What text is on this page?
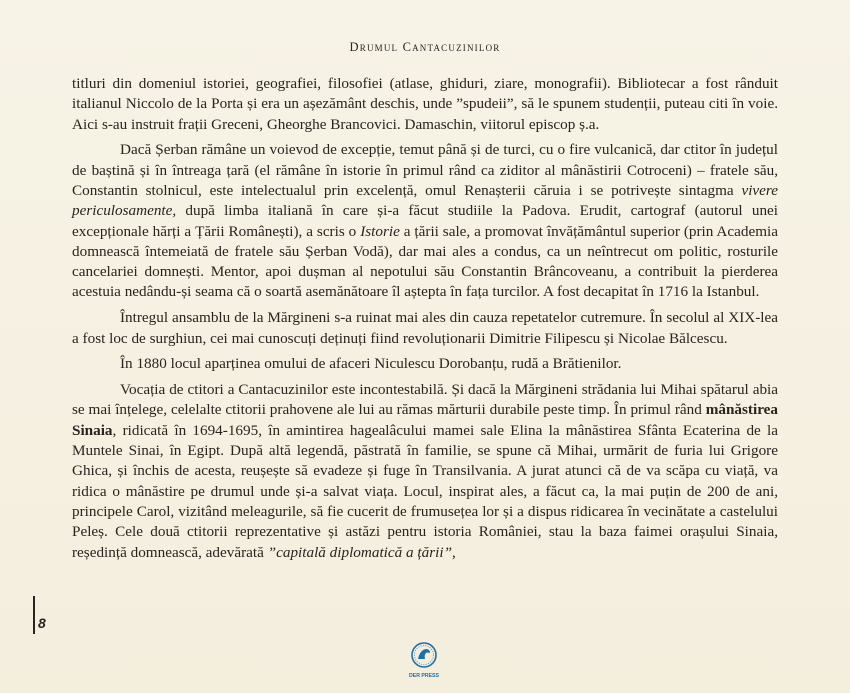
Drumul Cantacuzinilor

titluri din domeniul istoriei, geografiei, filosofiei (atlase, ghiduri, ziare, monografii). Bibliotecar a fost rânduit italianul Niccolo de la Porta și era un așezământ deschis, unde ”spudeii”, să le spunem studenții, puteau citi în voie. Aici s-au instruit frații Greceni, Gheorghe Brancovici. Damaschin, viitorul episcop ș.a.

Dacă Șerban rămâne un voievod de excepție, temut până și de turci, cu o fire vulcanică, dar ctitor în județul de baștină și în întreaga țară (el rămâne în istorie în primul rând ca ziditor al mânăstirii Cotroceni) – fratele său, Constantin stolnicul, este intelectualul prin excelență, omul Renașterii căruia i se potrivește sintagma vivere periculosamente, după limba italiană în care și-a făcut studiile la Padova. Erudit, cartograf (autorul unei excepționale hărți a Țării Românești), a scris o Istorie a țării sale, a promovat învățământul superior (prin Academia domnească întemeiată de fratele său Șerban Vodă), dar mai ales a condus, ca un neîntrecut om politic, rosturile cancelariei domnești. Mentor, apoi dușman al nepotului său Constantin Brâncoveanu, a contribuit la pierderea acestuia nedându-și seama că o soartă asemănătoare îl aștepta în fața turcilor. A fost decapitat în 1716 la Istanbul.

Întregul ansamblu de la Mărgineni s-a ruinat mai ales din cauza repetatelor cutremure. În secolul al XIX-lea a fost loc de surghiun, cei mai cunoscuți deținuți fiind revoluționarii Dimitrie Filipescu și Nicolae Bălcescu.

În 1880 locul aparținea omului de afaceri Niculescu Dorobanțu, rudă a Brătienilor.

Vocația de ctitori a Cantacuzinilor este incontestabilă. Și dacă la Mărgineni strădania lui Mihai spătarul abia se mai înțelege, celelalte ctitorii prahovene ale lui au rămas mărturii durabile peste timp. În primul rând mânăstirea Sinaia, ridicată în 1694-1695, în amintirea hagealâcului mamei sale Elina la mânăstirea Sfânta Ecaterina de la Muntele Sinai, în Egipt. După altă legendă, păstrată în familie, se spune că Mihai, urmărit de furia lui Grigore Ghica, și închis de acesta, reușește să evadeze și fuge în Transilvania. A jurat atunci că de va scăpa cu viață, va ridica o mânăstire pe drumul unde și-a salvat viața. Locul, inspirat ales, a făcut ca, la mai puțin de 200 de ani, principele Carol, vizitând meleagurile, să fie cucerit de frumusețea lor și a dispus ridicarea în vecinătate a castelului Peleș. Cele două ctitorii reprezentative și astăzi pentru istoria României, stau la baza faimei orașului Sinaia, reședință domnească, adevărată ”capitală diplomatică a țării”,

8
DER PRESS
